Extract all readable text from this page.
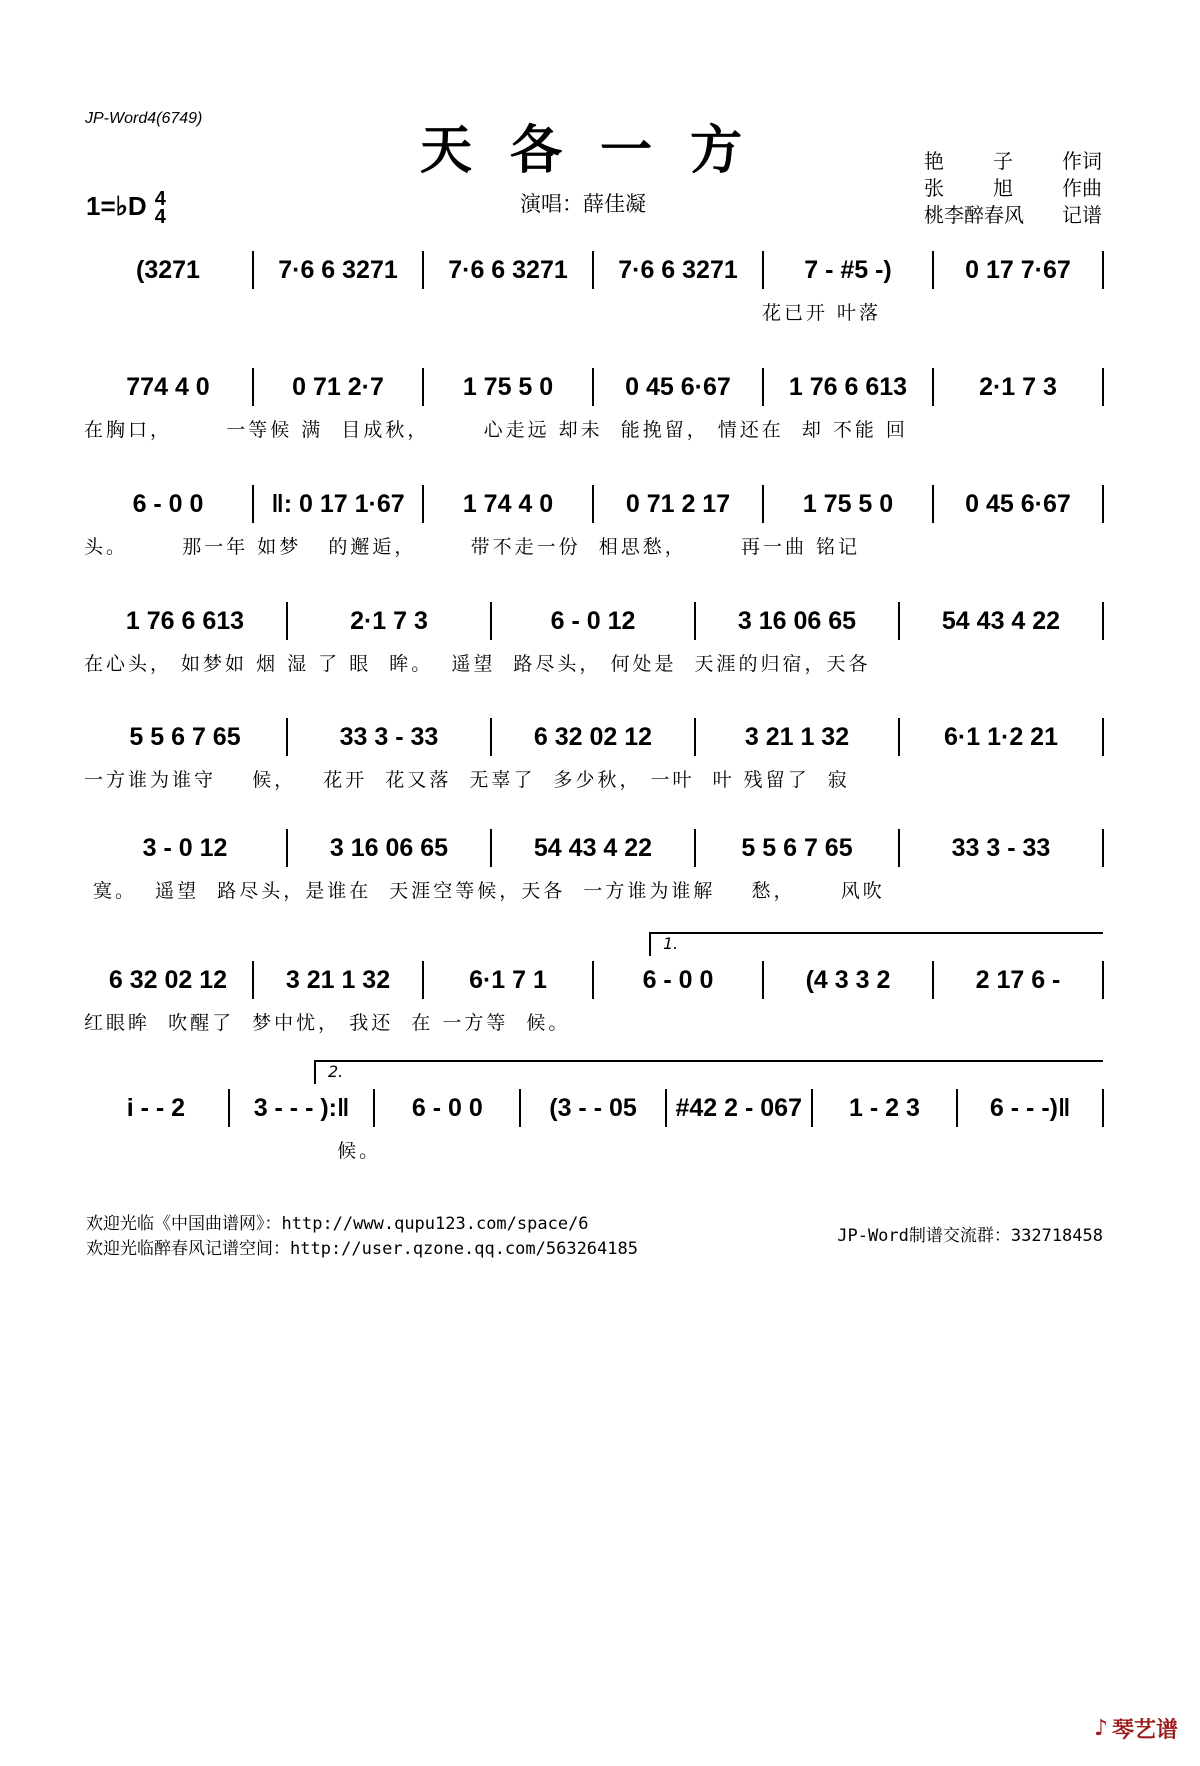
JP-Word4(6749)
天各一方
1=♭D 4
4
演唱：薛佳凝
艳 子 作词
张 旭 作曲
桃李醉春风 记谱
(3271	7·6 6 3271	7·6 6 3271	7·6 6 3271	7 - #5 -)	0 17 7·67
花已开 叶落
774 4 0	0 71 2·7	1 75 5 0	0 45 6·67	1 76 6 613	2·1 7 3
在胸口，      一等候 满  目成秋，      心走远 却未  能挽留， 情还在  却 不能 回
6 - 0 0	‖: 0 17 1·67	1 74 4 0	0 71 2 17	1 75 5 0	0 45 6·67
头。      那一年 如梦   的邂逅，      带不走一份  相思愁，      再一曲 铭记
1 76 6 613	2·1 7 3	6 - 0 12	3 16 06 65	54 43 4 22
在心头， 如梦如 烟 湿 了 眼  眸。  遥望  路尽头， 何处是  天涯的归宿，天各
5 5 6 7 65	33 3 - 33	6 32 02 12	3 21 1 32	6·1 1·2 21
一方谁为谁守    候，   花开  花又落  无辜了  多少秋， 一叶  叶 残留了  寂
3 - 0 12	3 16 06 65	54 43 4 22	5 5 6 7 65	33 3 - 33
寞。  遥望  路尽头，是谁在  天涯空等候，天各  一方谁为谁解    愁，     风吹
6 32 02 12	3 21 1 32	6·1 7 1	6 - 0 0	(4 3 3 2	2 17 6 -
红眼眸  吹醒了  梦中忧， 我还  在 一方等  候。
1.
i - - 2	3 - - - ):‖	6 - 0 0	(3 - - 05	#42 2 - 067	1 - 2 3	6 - - -)‖
候。
2.
欢迎光临《中国曲谱网》：http://www.qupu123.com/space/6
欢迎光临醉春风记谱空间：http://user.qzone.qq.com/563264185
JP-Word制谱交流群：332718458
♪ 琴艺谱
